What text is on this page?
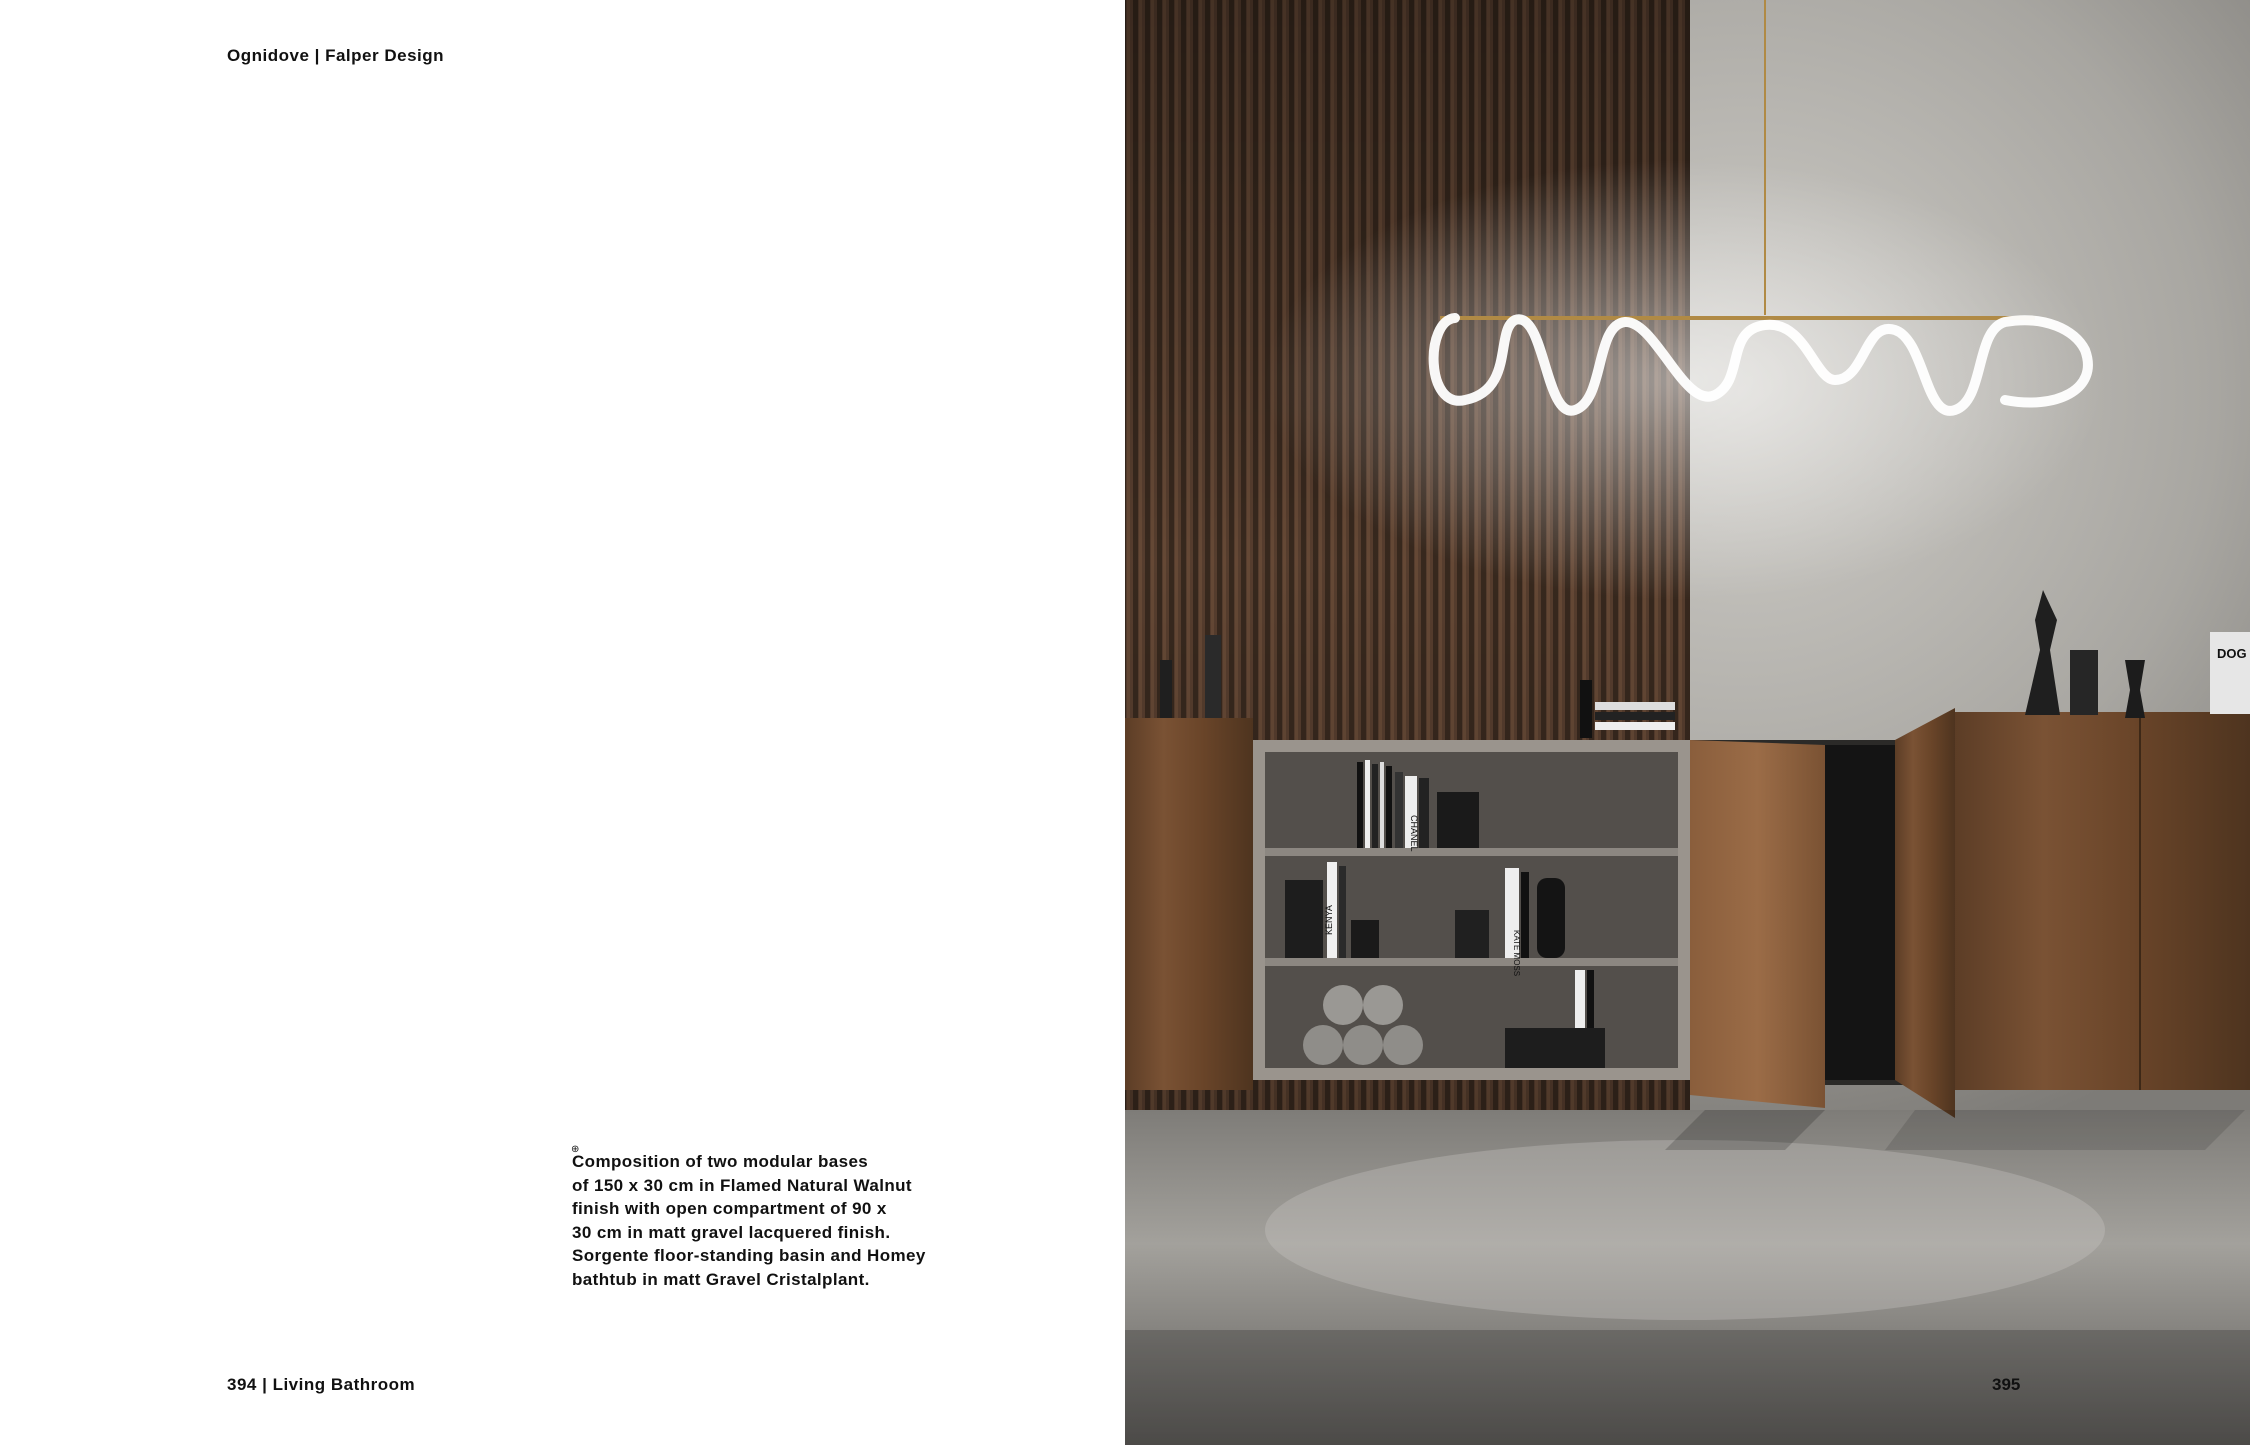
Ognidove | Falper Design
⊕
Composition of two modular bases
of 150 x 30 cm in Flamed Natural Walnut
finish with open compartment of 90 x
30 cm in matt gravel lacquered finish.
Sorgente floor-standing basin and Homey
bathtub in matt Gravel Cristalplant.
394 | Living Bathroom
CHANEL
KENYA
KATE MOSS
DOG
395
